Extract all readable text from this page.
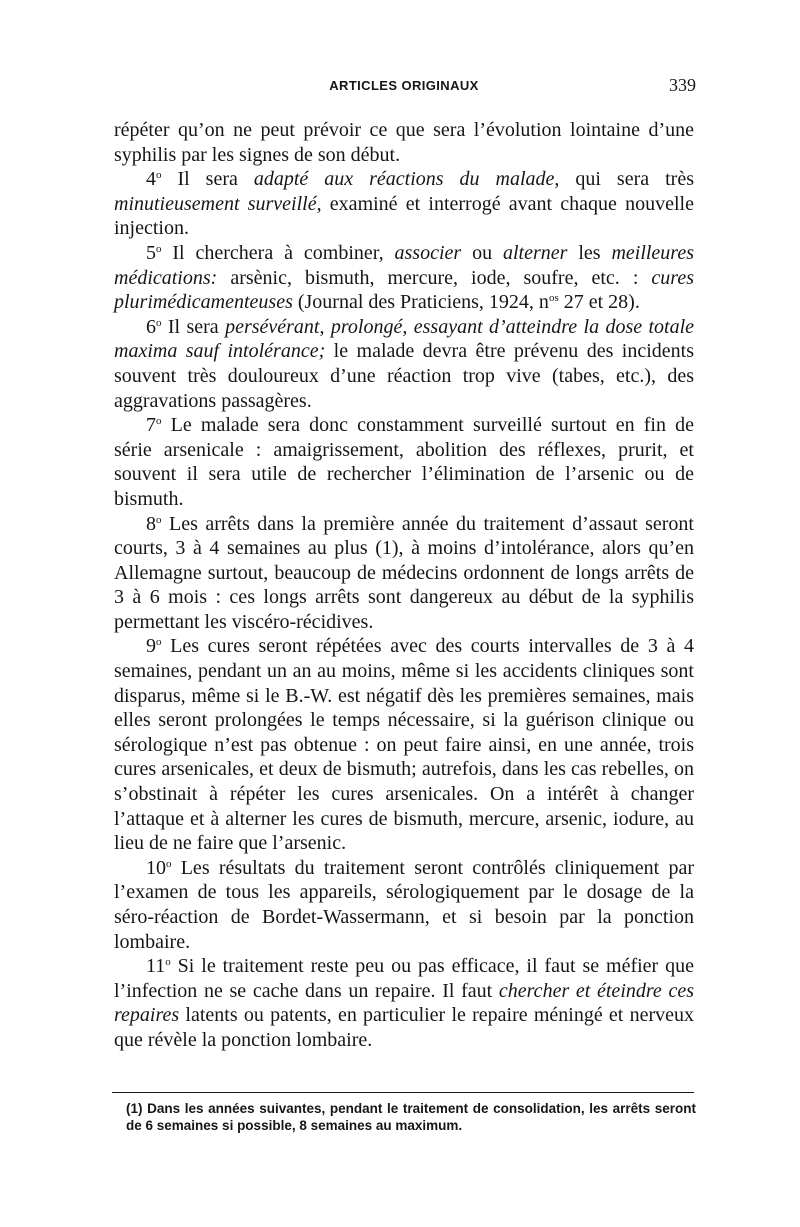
ARTICLES ORIGINAUX	339

répéter qu’on ne peut prévoir ce que sera l’évolution lointaine d’une syphilis par les signes de son début.

4$^o$ Il sera adapté aux réactions du malade, qui sera très minutieusement surveillé, examiné et interrogé avant chaque nouvelle injection.

5$^o$ Il cherchera à combiner, associer ou alterner les meilleures médications: arsènic, bismuth, mercure, iode, soufre, etc. : cures plurimédicamenteuses (Journal des Praticiens, 1924, $n^{os}$ 27 et 28).

6$^o$ Il sera persévérant, prolongé, essayant d’atteindre la dose totale maxima sauf intolérance; le malade devra être prévenu des incidents souvent très douloureux d’une réaction trop vive (tabes, etc.), des aggravations passagères.

7$^o$ Le malade sera donc constamment surveillé surtout en fin de série arsenicale : amaigrissement, abolition des réflexes, prurit, et souvent il sera utile de rechercher l’élimination de l’arsenic ou de bismuth.

8$^o$ Les arrêts dans la première année du traitement d’assaut seront courts, 3 à 4 semaines au plus (1), à moins d’intolérance, alors qu’en Allemagne surtout, beaucoup de médecins ordonnent de longs arrêts de 3 à 6 mois : ces longs arrêts sont dangereux au début de la syphilis permettant les viscéro-récidives.

9$^o$ Les cures seront répétées avec des courts intervalles de 3 à 4 semaines, pendant un an au moins, même si les accidents cliniques sont disparus, même si le B.-W. est négatif dès les premières semaines, mais elles seront prolongées le temps nécessaire, si la guérison clinique ou sérologique n’est pas obtenue : on peut faire ainsi, en une année, trois cures arsenicales, et deux de bismuth; autrefois, dans les cas rebelles, on s’obstinait à répéter les cures arsenicales. On a intérêt à changer l’attaque et à alterner les cures de bismuth, mercure, arsenic, iodure, au lieu de ne faire que l’arsenic.

10$^o$ Les résultats du traitement seront contrôlés cliniquement par l’examen de tous les appareils, sérologiquement par le dosage de la séro-réaction de Bordet-Wassermann, et si besoin par la ponction lombaire.

11$^o$ Si le traitement reste peu ou pas efficace, il faut se méfier que l’infection ne se cache dans un repaire. Il faut chercher et éteindre ces repaires latents ou patents, en particulier le repaire méningé et nerveux que révèle la ponction lombaire.

(1) Dans les années suivantes, pendant le traitement de consolidation, les arrêts seront de 6 semaines si possible, 8 semaines au maximum.
